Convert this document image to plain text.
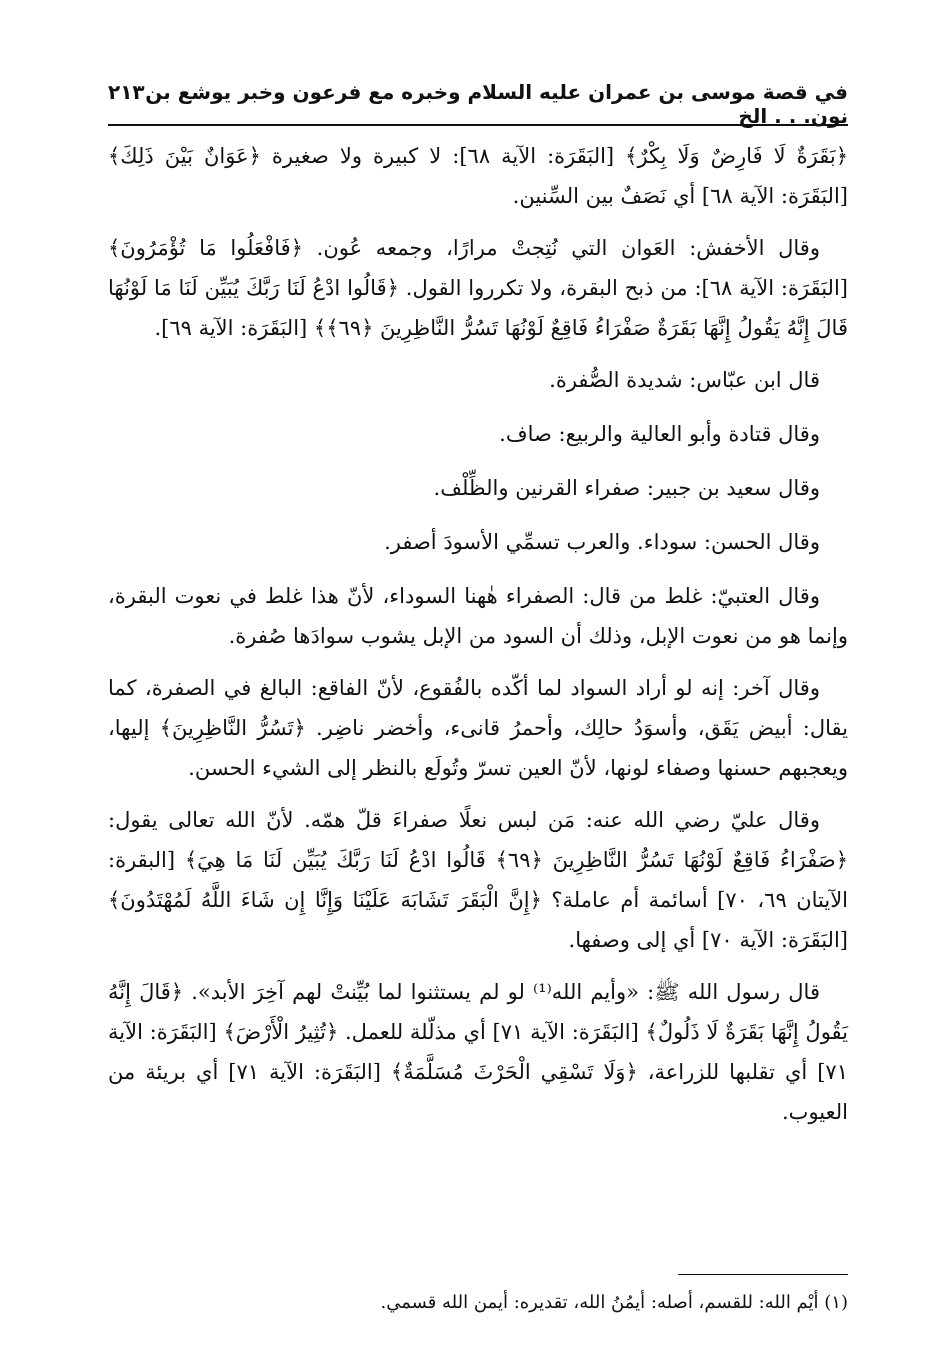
في قصة موسى بن عمران عليه السلام وخبره مع فرعون وخبر يوشع بن نون. . . الخ
٢١٣

﴿بَقَرَةٌ لَا فَارِضٌ وَلَا بِكْرٌ﴾ [البَقَرَة: الآية ٦٨]: لا كبيرة ولا صغيرة ﴿عَوَانٌ بَيْنَ ذَلِكَ﴾ [البَقَرَة: الآية ٦٨] أي نَصَفٌ بين السِّنين.

وقال الأخفش: العَوان التي نُتِجتْ مرارًا، وجمعه عُون. ﴿فَافْعَلُوا مَا تُؤْمَرُونَ﴾ [البَقَرَة: الآية ٦٨]: من ذبح البقرة، ولا تكرروا القول. ﴿قَالُوا ادْعُ لَنَا رَبَّكَ يُبَيِّن لَنَا مَا لَوْنُهَا قَالَ إِنَّهُ يَقُولُ إِنَّهَا بَقَرَةٌ صَفْرَاءُ فَاقِعٌ لَوْنُهَا تَسُرُّ النَّاظِرِينَ ﴿٦٩﴾﴾ [البَقَرَة: الآية ٦٩].

قال ابن عبّاس: شديدة الصُّفرة.

وقال قتادة وأبو العالية والربيع: صاف.

وقال سعيد بن جبير: صفراء القرنين والظِّلْف.

وقال الحسن: سوداء. والعرب تسمِّي الأسودَ أصفر.

وقال العتبيّ: غلط من قال: الصفراء هٰهنا السوداء، لأنّ هذا غلط في نعوت البقرة، وإنما هو من نعوت الإبل، وذلك أن السود من الإبل يشوب سوادَها صُفرة.

وقال آخر: إنه لو أراد السواد لما أكّده بالفُقوع، لأنّ الفاقع: البالغ في الصفرة، كما يقال: أبيض يَقَق، وأسوَدُ حالِك، وأحمرُ قانىء، وأخضر ناضِر. ﴿تَسُرُّ النَّاظِرِينَ﴾ إليها، ويعجبهم حسنها وصفاء لونها، لأنّ العين تسرّ وتُولَع بالنظر إلى الشيء الحسن.

وقال عليّ رضي الله عنه: مَن لبس نعلًا صفراءَ قلّ همّه. لأنّ الله تعالى يقول: ﴿صَفْرَاءُ فَاقِعٌ لَوْنُهَا تَسُرُّ النَّاظِرِينَ ﴿٦٩﴾ قَالُوا ادْعُ لَنَا رَبَّكَ يُبَيِّن لَنَا مَا هِيَ﴾ [البقرة: الآيتان ٦٩، ٧٠] أسائمة أم عاملة؟ ﴿إِنَّ الْبَقَرَ تَشَابَهَ عَلَيْنَا وَإِنَّا إِن شَاءَ اللَّهُ لَمُهْتَدُونَ﴾ [البَقَرَة: الآية ٧٠] أي إلى وصفها.

قال رسول الله ﷺ: «وأيم الله⁽¹⁾ لو لم يستثنوا لما بُيِّنتْ لهم آخِرَ الأبد». ﴿قَالَ إِنَّهُ يَقُولُ إِنَّهَا بَقَرَةٌ لَا ذَلُولٌ﴾ [البَقَرَة: الآية ٧١] أي مذلّلة للعمل. ﴿تُثِيرُ الْأَرْضَ﴾ [البَقَرَة: الآية ٧١] أي تقلبها للزراعة، ﴿وَلَا تَسْقِي الْحَرْثَ مُسَلَّمَةٌ﴾ [البَقَرَة: الآية ٧١] أي بريئة من العيوب.

(١) أيْم الله: للقسم، أصله: أيمُنُ الله، تقديره: أيمن الله قسمي.
